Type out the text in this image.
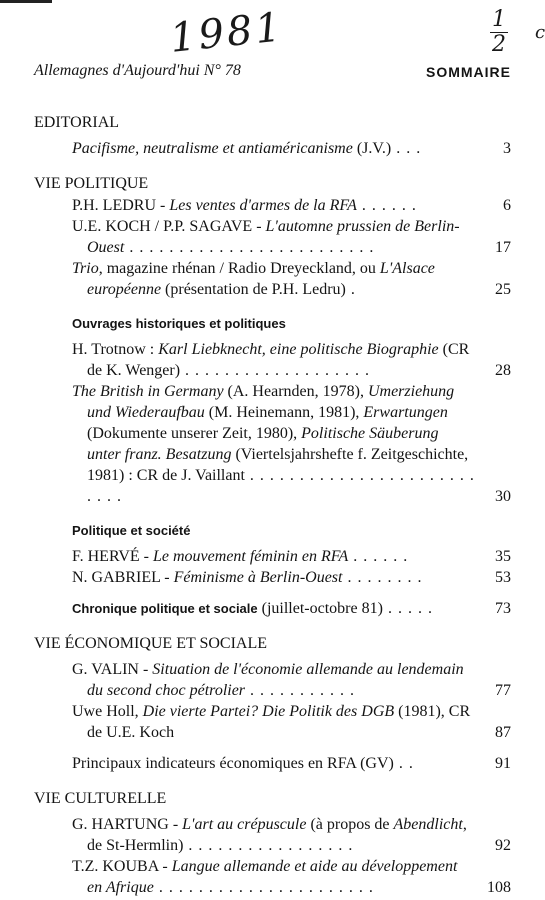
1981	1
2 c
Allemagnes d'Aujourd'hui N° 78	SOMMAIRE
EDITORIAL
Pacifisme, neutralisme et antiaméricanisme (J.V.) . . .	3
VIE POLITIQUE
P.H. LEDRU - Les ventes d'armes de la RFA . . . . . .	6
U.E. KOCH / P.P. SAGAVE - L'automne prussien de Berlin-Ouest . . . . . . . . . . . . . . . . . . . . . . . . .	17
Trio, magazine rhénan / Radio Dreyeckland, ou L'Alsace européenne (présentation de P.H. Ledru) .	25
Ouvrages historiques et politiques
H. Trotnow : Karl Liebknecht, eine politische Biographie (CR de K. Wenger) . . . . . . . . . . . . . . . . . . .	28
The British in Germany (A. Hearnden, 1978), Umerziehung und Wiederaufbau (M. Heinemann, 1981), Erwartungen (Dokumente unserer Zeit, 1980), Politische Säuberung unter franz. Besatzung (Viertelsjahrshefte f. Zeitgeschichte, 1981) : CR de J. Vaillant . . . . . . . . . . . . . . . . . . . . . . . . . . .	30
Politique et société
F. HERVÉ - Le mouvement féminin en RFA . . . . . .	35
N. GABRIEL - Féminisme à Berlin-Ouest . . . . . . . .	53
Chronique politique et sociale (juillet-octobre 81) . . . . .	73
VIE ÉCONOMIQUE ET SOCIALE
G. VALIN - Situation de l'économie allemande au lendemain du second choc pétrolier . . . . . . . . . . .	77
Uwe Holl, Die vierte Partei? Die Politik des DGB (1981), CR de U.E. Koch	87
Principaux indicateurs économiques en RFA (GV) . .	91
VIE CULTURELLE
G. HARTUNG - L'art au crépuscule (à propos de Abendlicht, de St-Hermlin) . . . . . . . . . . . . . . . . .	92
T.Z. KOUBA - Langue allemande et aide au développement en Afrique . . . . . . . . . . . . . . . . . . . . . .	108
